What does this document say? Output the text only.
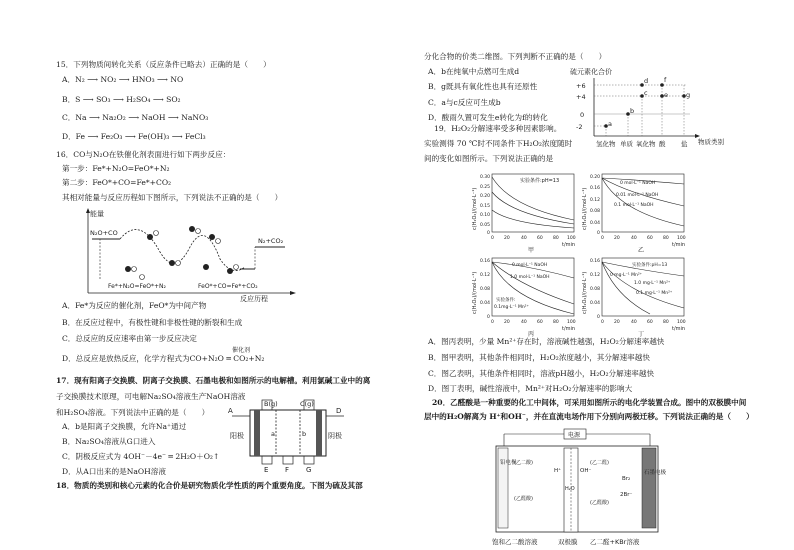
15．下列物质间转化关系（反应条件已略去）正确的是（　　）
A．N₂ ⟶ NO₂ ⟶ HNO₃ ⟶ NO
B．S ⟶ SO₃ ⟶ H₂SO₄ ⟶ SO₂
C．Na ⟶ Na₂O₂ ⟶ NaOH ⟶ NaNO₃
D．Fe ⟶ Fe₂O₃ ⟶ Fe(OH)₃ ⟶ FeCl₃
16．CO与N₂O在铁催化剂表面进行如下两步反应：
第一步：Fe*+N₂O=FeO*+N₂
第二步：FeO*+CO=Fe*+CO₂
其相对能量与反应历程如下图所示，下列说法不正确的是（　　）
能量
反应历程
N₂O+CO
N₂+CO₂
Fe*+N₂O=FeO*+N₂	FeO*+CO=Fe*+CO₂
A．Fe*为反应的催化剂，FeO*为中间产物
B．在反应过程中，有极性键和非极性键的断裂和生成
C．总反应的反应速率由第一步反应决定
催化剂
D．总反应是放热反应，化学方程式为CO+N₂O ═ CO₂+N₂
17．现有阳离子交换膜、阴离子交换膜、石墨电极和如图所示的电解槽。利用氯碱工业中的离
子交换膜技术原理，可电解Na₂SO₄溶液生产NaOH溶液
和H₂SO₄溶液。下列说法中正确的是（　　）
A．b是阳离子交换膜，允许Na⁺通过
B．Na₂SO₄溶液从G口进入
C．阴极反应式为 4OH⁻－4e⁻ ═ 2H₂O＋O₂↑
D．从A口出来的是NaOH溶液
A
B(g)	C(g)
D
E F G
a	b
阳极	阴极
18．物质的类别和核心元素的化合价是研究物质化学性质的两个重要角度。下图为硫及其部
分化合物的价类二维图。下列判断不正确的是（　　）
A．b在纯氧中点燃可生成d
B．g既具有氧化性也具有还原性
C．a与c反应可生成b
D．酸雨久置可发生e转化为f的转化
硫元素化合价
+6
+4
0
-2	a
b
c
d
e
f
g
氢化物 单质 氧化物 酸 盐 物质类别
19．H₂O₂分解速率受多种因素影响。
实验测得 70 ℃时不同条件下H₂O₂浓度随时
间的变化如图所示。下列说法正确的是
c(H₂O₂)/(mol·L⁻¹)
0.30
0.25
0.20
0.15
0.10
0.05
0
0 20	40 60 80 100
实验条件:pH=13
t/min
甲
c(H₂O₂)/(mol·L⁻¹)
0.20
0.16
0.12
0.08
0.04
0
0 20	40 60 80 100
0 mol·L⁻¹ NaOH
0.01 mol·L⁻¹ NaOH
0.1 mol·L⁻¹ NaOH
t/min
乙
c(H₂O₂)/(mol·L⁻¹)
0.16
0.12
0.08
0.04
0
0 20	40 60 80 100
0 mol·L⁻¹ NaOH
1.0 mol·L⁻¹ NaOH
实验条件:
0.1mg·L⁻¹ Mn²⁺
t/min
丙
c(H₂O₂)/(mol·L⁻¹)
0.16
0.12
0.08
0.04
0
0 20	40 60 80 100
实验条件:pH=13
0 mg·L⁻¹ Mn²⁺
1.0 mg·L⁻¹ Mn²⁺
0.1 mg·L⁻¹ Mn²⁺
t/min
丁
A．图丙表明，少量 Mn²⁺存在时，溶液碱性越强，H₂O₂分解速率越快
B．图甲表明，其他条件相同时，H₂O₂浓度越小，其分解速率越快
C．图乙表明，其他条件相同时，溶液pH越小，H₂O₂分解速率越快
D．图丁表明，碱性溶液中，Mn²⁺对H₂O₂分解速率的影响大
20．乙醛酸是一种重要的化工中间体，可采用如图所示的电化学装置合成。图中的双极膜中间
层中的H₂O解离为 H⁺和OH⁻，并在直流电场作用下分别向两极迁移。下列说法正确的是（　　）
电源
铅电极
石墨电极
(乙二酸)
(乙醛酸)
(乙二醛)
(乙醛酸)
H⁺	OH⁻
H₂O
Br₂
2Br⁻
饱和乙二酸溶液	双极膜 乙二醛+KBr溶液
